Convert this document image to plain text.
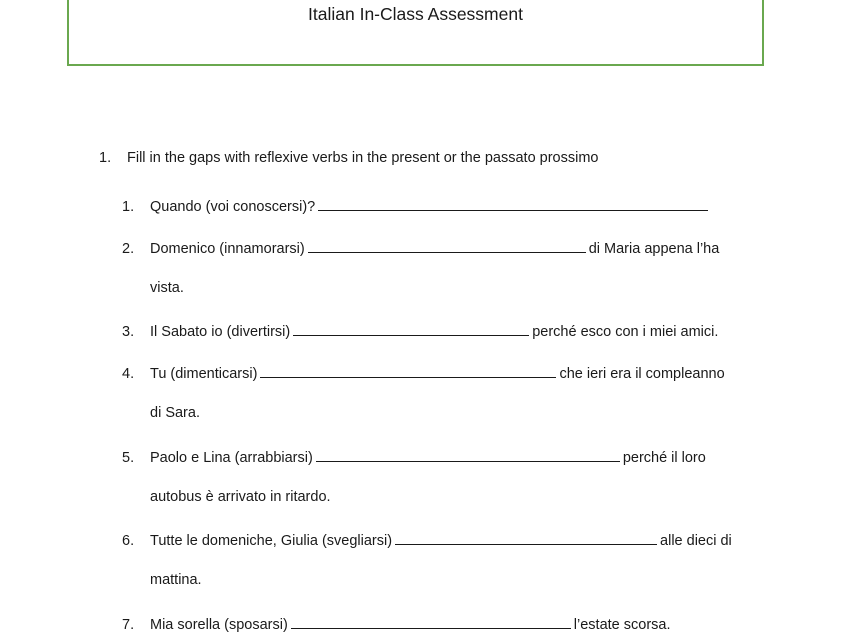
Italian In-Class Assessment
1. Fill in the gaps with reflexive verbs in the present or the passato prossimo
1. Quando (voi conoscersi)?
2. Domenico (innamorarsi)	di Maria appena l’ha
vista.
3. Il Sabato io (divertirsi)	perché esco con i miei amici.
4. Tu (dimenticarsi)	che ieri era il compleanno
di Sara.
5. Paolo e Lina (arrabbiarsi)	perché il loro
autobus è arrivato in ritardo.
6. Tutte le domeniche, Giulia (svegliarsi)	alle dieci di
mattina.
7. Mia sorella (sposarsi)	l’estate scorsa.
